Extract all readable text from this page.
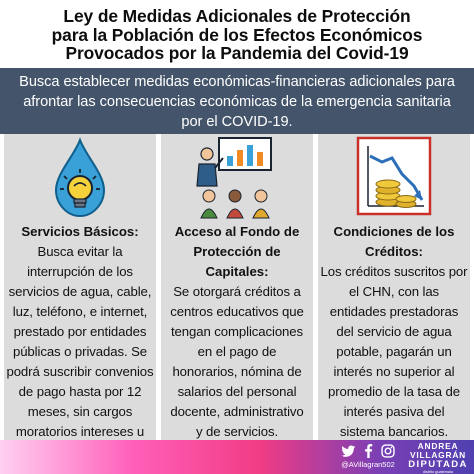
Ley de Medidas Adicionales de Protección
para la Población de los Efectos Económicos
Provocados por la Pandemia del Covid-19
Busca establecer medidas económicas-financieras adicionales para
afrontar las consecuencias económicas de la emergencia sanitaria
por el COVID-19.
Servicios Básicos:
Busca evitar la
interrupción de los
servicios de agua, cable,
luz, teléfono, e internet,
prestado por entidades
públicas o privadas. Se
podrá suscribir convenios
de pago hasta por 12
meses, sin cargos
moratorios intereses u
Acceso al Fondo de
Protección de
Capitales:
Se otorgará créditos a
centros educativos que
tengan complicaciones
en el pago de
honorarios, nómina de
salarios del personal
docente, administrativo
y de servicios.
Condiciones de los
Créditos:
Los créditos suscritos por
el CHN, con las
entidades prestadoras
del servicio de agua
potable, pagarán un
interés no superior al
promedio de la tasa de
interés pasiva del
sistema bancarios.
@AVillagran502
ANDREA
VILLAGRÁN
DIPUTADA
distrito guatemala
